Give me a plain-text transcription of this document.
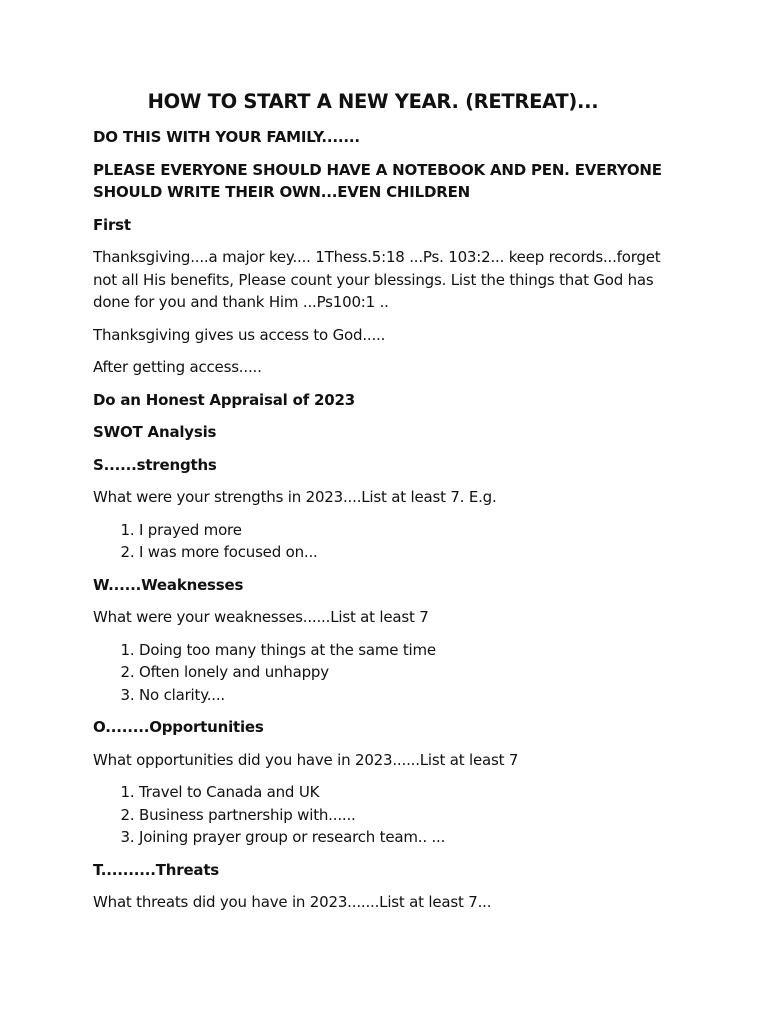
HOW TO START A NEW YEAR. (RETREAT)...

DO THIS WITH YOUR FAMILY.......

PLEASE EVERYONE SHOULD HAVE A NOTEBOOK AND PEN. EVERYONE SHOULD WRITE THEIR OWN...EVEN CHILDREN

First

Thanksgiving....a major key.... 1Thess.5:18 ...Ps. 103:2... keep records...forget not all His benefits, Please count your blessings. List the things that God has done for you and thank Him ...Ps100:1 ..

Thanksgiving gives us access to God.....

After getting access.....

Do an Honest Appraisal of 2023

SWOT Analysis

S......strengths

What were your strengths in 2023....List at least 7. E.g.

1. I prayed more
2. I was more focused on...

W......Weaknesses

What were your weaknesses......List at least 7

1. Doing too many things at the same time
2. Often lonely and unhappy
3. No clarity....

O........Opportunities

What opportunities did you have in 2023......List at least 7

1. Travel to Canada and UK
2. Business partnership with......
3. Joining prayer group or research team.. ...

T..........Threats

What threats did you have in 2023.......List at least 7...
